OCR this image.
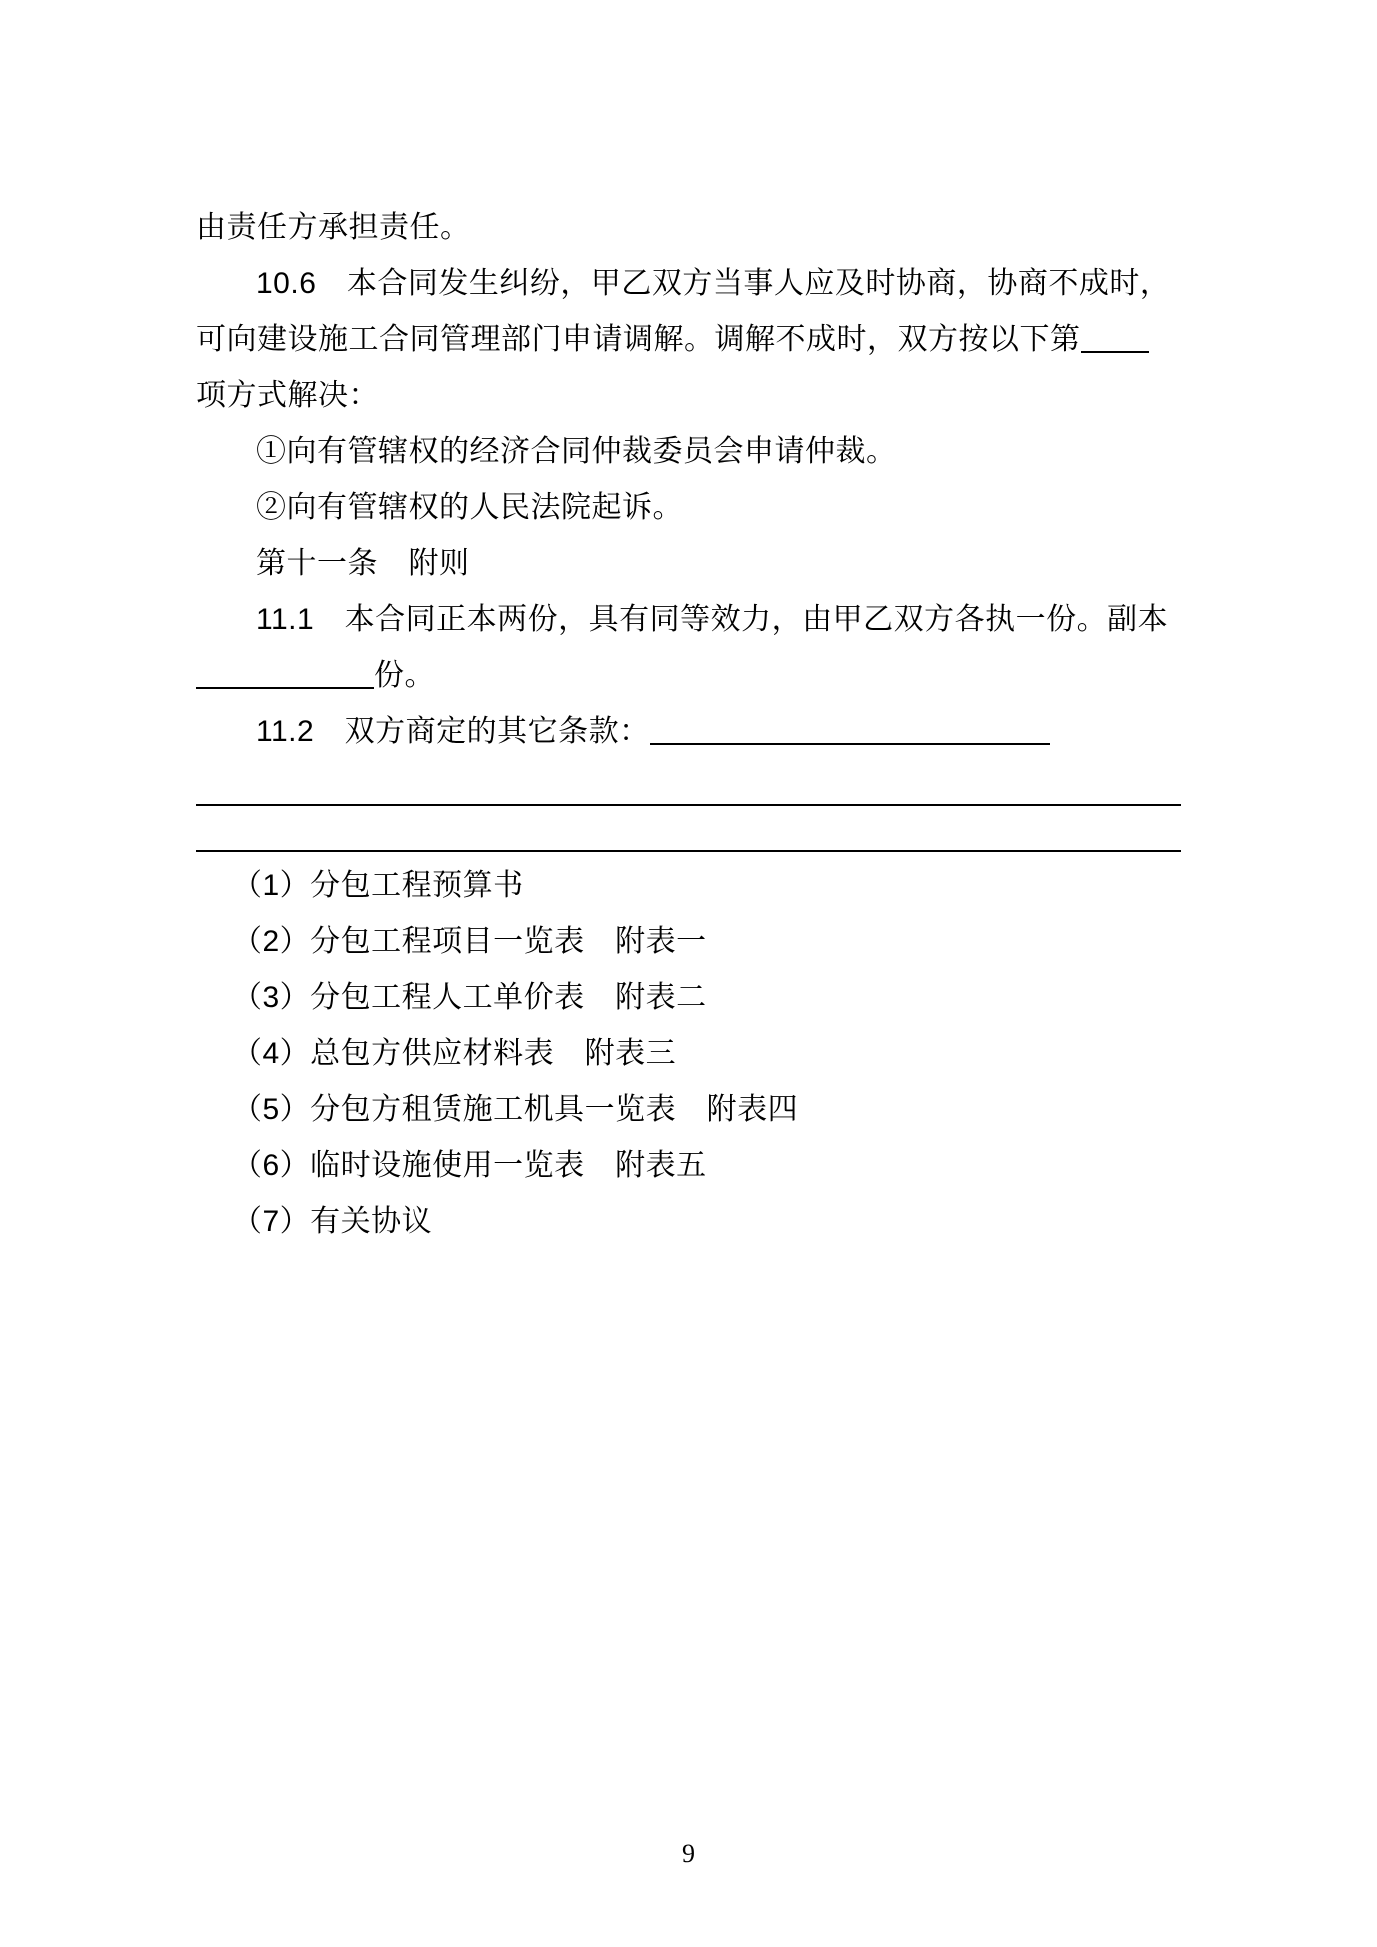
由责任方承担责任。

10.6　本合同发生纠纷，甲乙双方当事人应及时协商，协商不成时，可向建设施工合同管理部门申请调解。调解不成时，双方按以下第

项方式解决：

①向有管辖权的经济合同仲裁委员会申请仲裁。

②向有管辖权的人民法院起诉。

第十一条　附则

11.1　本合同正本两份，具有同等效力，由甲乙双方各执一份。副本份。

11.2　双方商定的其它条款：

（1）分包工程预算书

（2）分包工程项目一览表　附表一

（3）分包工程人工单价表　附表二

（4）总包方供应材料表　附表三

（5）分包方租赁施工机具一览表　附表四

（6）临时设施使用一览表　附表五

（7）有关协议

9
